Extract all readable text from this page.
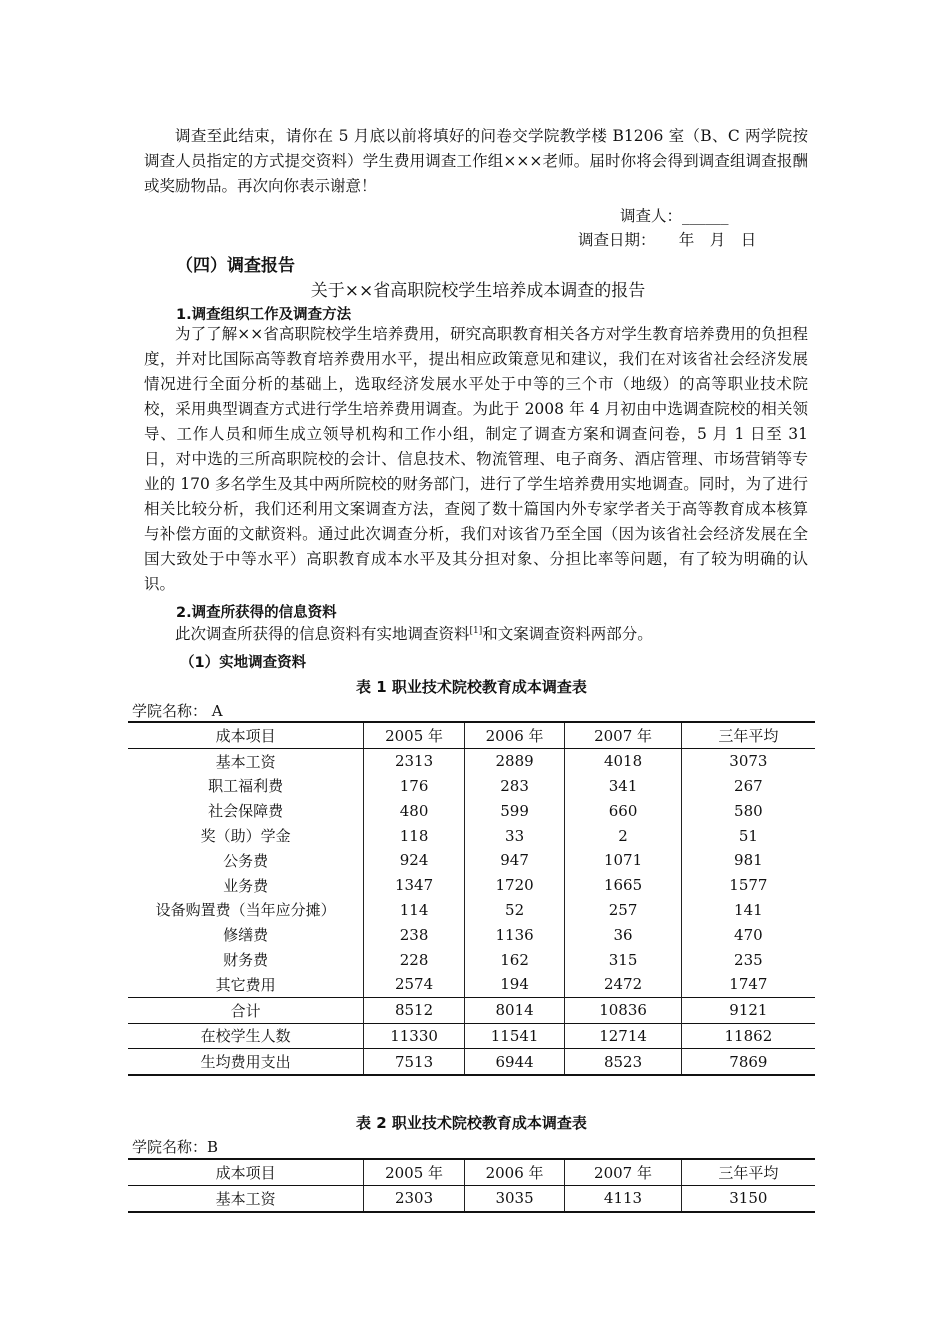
调查至此结束，请你在 5 月底以前将填好的问卷交学院教学楼 B1206 室（B、C 两学院按调查人员指定的方式提交资料）学生费用调查工作组×××老师。届时你将会得到调查组调查报酬或奖励物品。再次向你表示谢意！

调查人：______
调查日期：　　年　月　日
（四）调查报告
关于××省高职院校学生培养成本调查的报告
1.调查组织工作及调查方法

为了了解××省高职院校学生培养费用，研究高职教育相关各方对学生教育培养费用的负担程度，并对比国际高等教育培养费用水平，提出相应政策意见和建议，我们在对该省社会经济发展情况进行全面分析的基础上，选取经济发展水平处于中等的三个市（地级）的高等职业技术院校，采用典型调查方式进行学生培养费用调查。为此于 2008 年 4 月初由中选调查院校的相关领导、工作人员和师生成立领导机构和工作小组，制定了调查方案和调查问卷，5 月 1 日至 31 日，对中选的三所高职院校的会计、信息技术、物流管理、电子商务、酒店管理、市场营销等专业的 170 多名学生及其中两所院校的财务部门，进行了学生培养费用实地调查。同时，为了进行相关比较分析，我们还利用文案调查方法，查阅了数十篇国内外专家学者关于高等教育成本核算与补偿方面的文献资料。通过此次调查分析，我们对该省乃至全国（因为该省社会经济发展在全国大致处于中等水平）高职教育成本水平及其分担对象、分担比率等问题，有了较为明确的认识。

2.调查所获得的信息资料

此次调查所获得的信息资料有实地调查资料[1]和文案调查资料两部分。

（1）实地调查资料
表 1 职业技术院校教育成本调查表
学院名称： A
成本项目	2005 年	2006 年	2007 年	三年平均
基本工资	2313	2889	4018	3073
职工福利费	176	283	341	267
社会保障费	480	599	660	580
奖（助）学金	118	33	2	51
公务费	924	947	1071	981
业务费	1347	1720	1665	1577
设备购置费（当年应分摊）	114	52	257	141
修缮费	238	1136	36	470
财务费	228	162	315	235
其它费用	2574	194	2472	1747
合计	8512	8014	10836	9121
在校学生人数	11330	11541	12714	11862
生均费用支出	7513	6944	8523	7869
表 2 职业技术院校教育成本调查表
学院名称：B
成本项目	2005 年	2006 年	2007 年	三年平均
基本工资	2303	3035	4113	3150
